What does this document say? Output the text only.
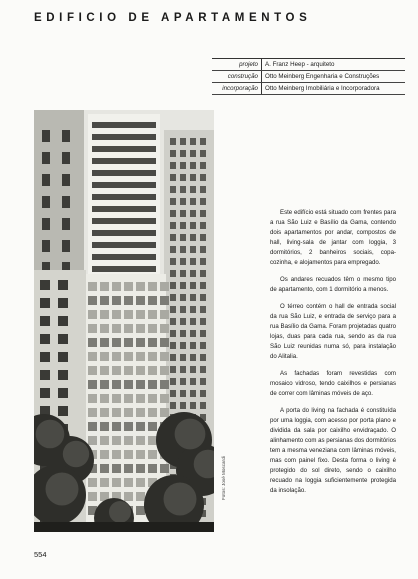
EDIFICIO DE APARTAMENTOS
projeto	A. Franz Heep - arquiteto
construção	Otto Meinberg Engenharia e Construções
incorporação	Otto Meinberg Imobiliária e Incorporadora
Fotos: José Moscardi

Este edifício está situado com frentes para a rua São Luiz e Basílio da Gama, contendo dois apartamentos por andar, compostos de hall, living-sala de jantar com loggia, 3 dormitórios, 2 banheiros sociais, copa-cozinha, e alojamentos para empregado.

Os andares recuados têm o mesmo tipo de apartamento, com 1 dormitório a menos.

O térreo contém o hall de entrada social da rua São Luiz, e entrada de serviço para a rua Basílio da Gama. Foram projetadas quatro lojas, duas para cada rua, sendo as da rua São Luiz reunidas numa só, para instalação do Alitalia.

As fachadas foram revestidas com mosaico vidroso, tendo caixilhos e persianas de correr com lâminas móveis de aço.

A porta do living na fachada é constituída por uma loggia, com acesso por porta plano e dividida da sala por caixilho envidraçado. O alinhamento com as persianas dos dormitórios tem a mesma veneziana com lâminas móveis, mas com painel fixo. Desta forma o living é protegido do sol direto, sendo o caixilho recuado na loggia suficientemente protegida da insolação.

554
